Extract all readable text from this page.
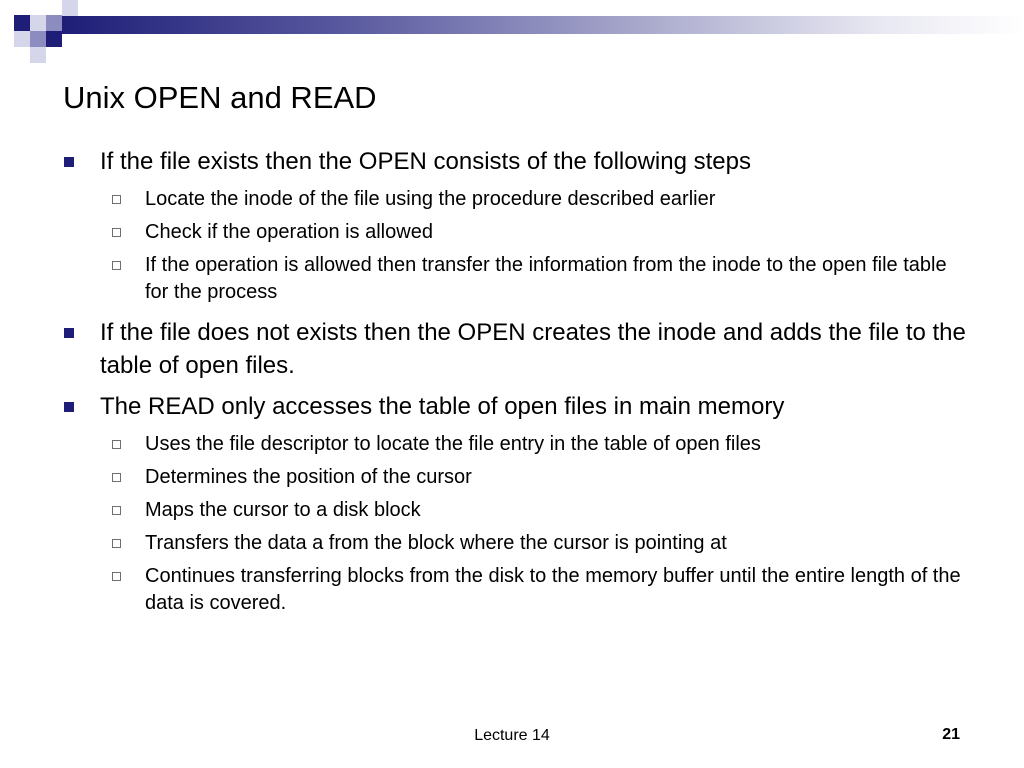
Unix OPEN and READ
If the file exists then the OPEN consists of the following steps
Locate the inode of the file using the procedure described earlier
Check if the operation is allowed
If the operation is allowed then transfer the information from the inode to the open file table for the process
If the file does not exists then the OPEN creates the inode and adds the file to the table of open files.
The READ only accesses the table of open files in main memory
Uses the file descriptor to locate the file entry in the table of open files
Determines the position of the cursor
Maps the cursor to a disk block
Transfers the data a from the block where the cursor is pointing at
Continues transferring blocks from the disk to the memory buffer until the entire length of the data is covered.
Lecture 14	21
